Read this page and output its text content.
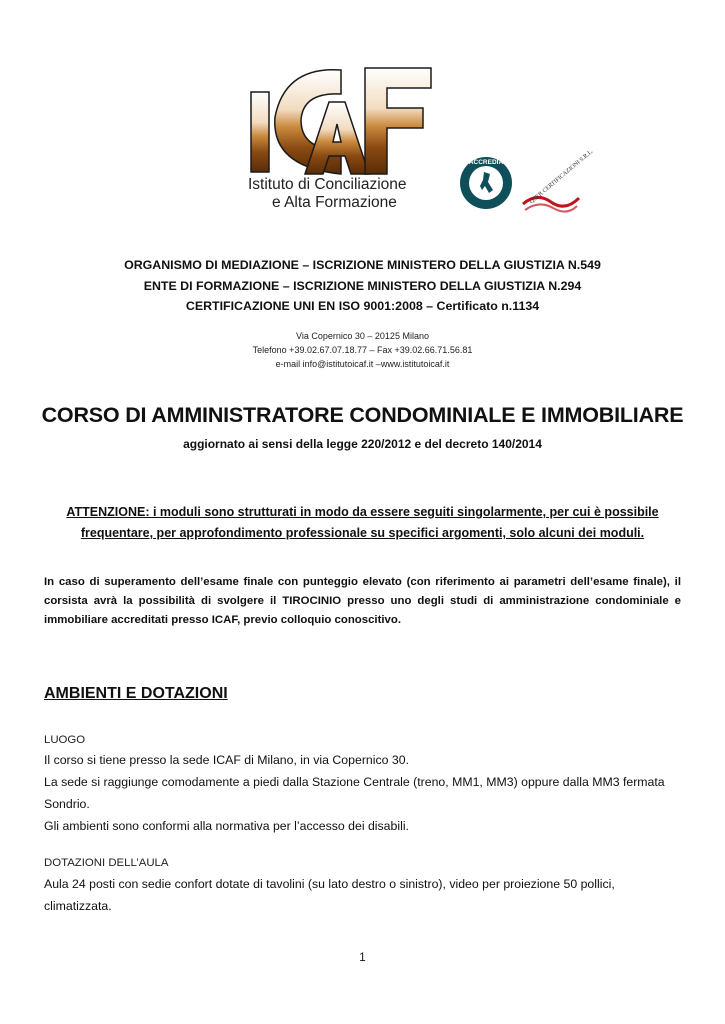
Istituto di Conciliazione
e Alta Formazione
ACCREDIA	QSER CERTIFICAZIONI S.R.L.
ORGANISMO DI MEDIAZIONE – ISCRIZIONE MINISTERO DELLA GIUSTIZIA N.549
ENTE DI FORMAZIONE – ISCRIZIONE MINISTERO DELLA GIUSTIZIA N.294
CERTIFICAZIONE UNI EN ISO 9001:2008 – Certificato n.1134
Via Copernico 30 – 20125 Milano
Telefono +39.02.67.07.18.77 – Fax +39.02.66.71.56.81
e-mail info@istitutoicaf.it –www.istitutoicaf.it
CORSO DI AMMINISTRATORE CONDOMINIALE E IMMOBILIARE
aggiornato ai sensi della legge 220/2012 e del decreto 140/2014
ATTENZIONE: i moduli sono strutturati in modo da essere seguiti singolarmente, per cui è possibile frequentare, per approfondimento professionale su specifici argomenti, solo alcuni dei moduli.
In caso di superamento dell’esame finale con punteggio elevato (con riferimento ai parametri dell’esame finale), il corsista avrà la possibilità di svolgere il TIROCINIO presso uno degli studi di amministrazione condominiale e immobiliare accreditati presso ICAF, previo colloquio conoscitivo.
AMBIENTI E DOTAZIONI
LUOGO
Il corso si tiene presso la sede ICAF di Milano, in via Copernico 30.
La sede si raggiunge comodamente a piedi dalla Stazione Centrale (treno, MM1, MM3) oppure dalla MM3 fermata Sondrio.
Gli ambienti sono conformi alla normativa per l’accesso dei disabili.
DOTAZIONI DELL’AULA
Aula 24 posti con sedie confort dotate di tavolini (su lato destro o sinistro), video per proiezione 50 pollici, climatizzata.
1
